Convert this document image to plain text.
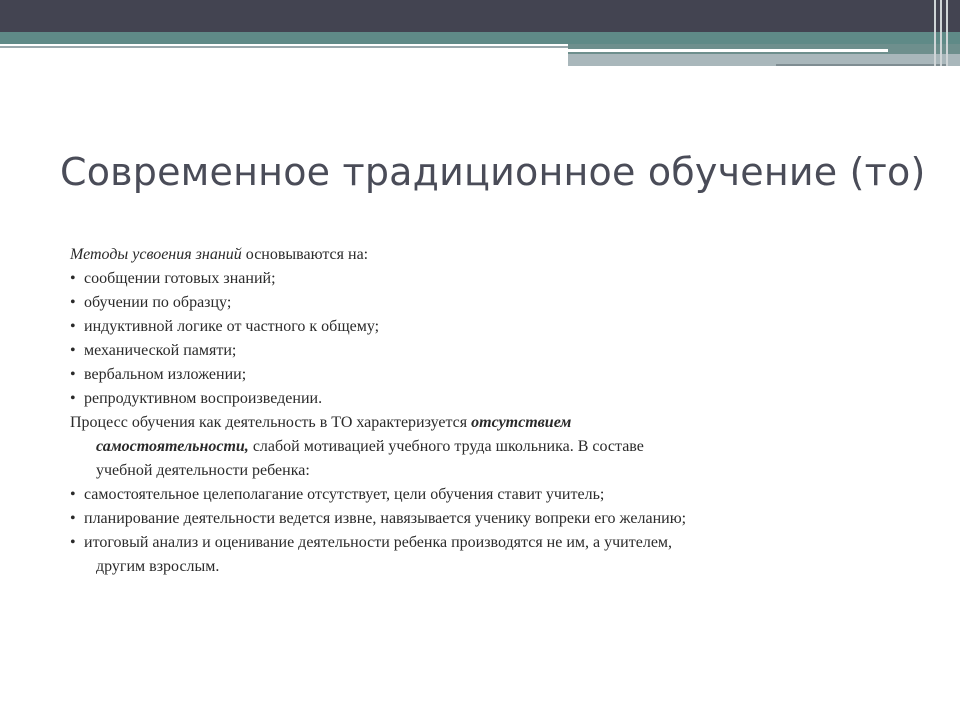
Современное традиционное обучение (то)
Методы усвоения знаний основываются на:
• сообщении готовых знаний;
• обучении по образцу;
• индуктивной логике от частного к общему;
• механической памяти;
• вербальном изложении;
• репродуктивном воспроизведении.
Процесс обучения как деятельность в ТО характеризуется отсутствием
самостоятельности, слабой мотивацией учебного труда школьника. В составе
учебной деятельности ребенка:
• самостоятельное целеполагание отсутствует, цели обучения ставит учитель;
• планирование деятельности ведется извне, навязывается ученику вопреки его желанию;
• итоговый анализ и оценивание деятельности ребенка производятся не им, а учителем,
другим взрослым.
